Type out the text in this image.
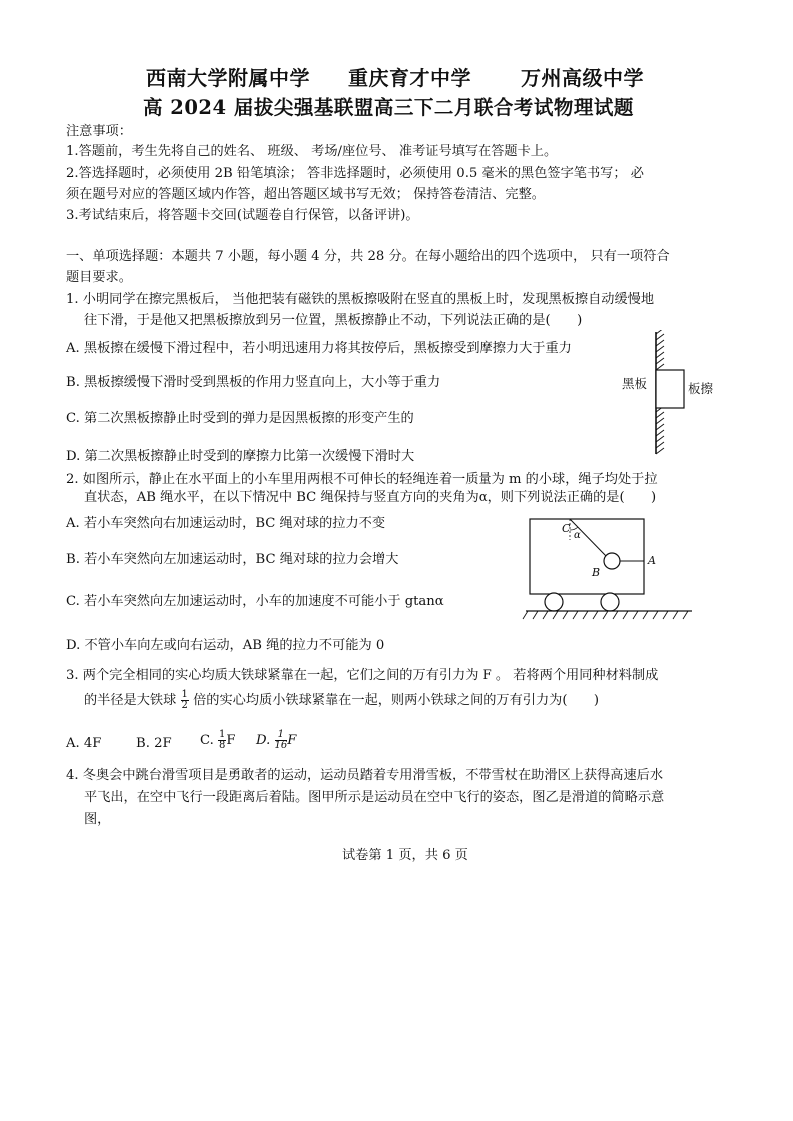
西南大学附属中学 重庆育才中学	万州高级中学
高 2024 届拔尖强基联盟高三下二月联合考试物理试题
注意事项：
1.答题前，考生先将自己的姓名、 班级、 考场/座位号、 准考证号填写在答题卡上。
2.答选择题时，必须使用 2B 铅笔填涂； 答非选择题时，必须使用 0.5 毫米的黑色签字笔书写； 必
须在题号对应的答题区域内作答，超出答题区域书写无效； 保持答卷清洁、完整。
3.考试结束后，将答题卡交回(试题卷自行保管，以备评讲)。
一、单项选择题：本题共 7 小题，每小题 4 分，共 28 分。在每小题给出的四个选项中， 只有一项符合
题目要求。
1. 小明同学在擦完黑板后， 当他把装有磁铁的黑板擦吸附在竖直的黑板上时，发现黑板擦自动缓慢地
往下滑，于是他又把黑板擦放到另一位置，黑板擦静止不动，下列说法正确的是(　　)
A. 黑板擦在缓慢下滑过程中，若小明迅速用力将其按停后，黑板擦受到摩擦力大于重力
B. 黑板擦缓慢下滑时受到黑板的作用力竖直向上，大小等于重力
C. 第二次黑板擦静止时受到的弹力是因黑板擦的形变产生的
D. 第二次黑板擦静止时受到的摩擦力比第一次缓慢下滑时大
黑板	板擦
2. 如图所示，静止在水平面上的小车里用两根不可伸长的轻绳连着一质量为 m 的小球，绳子均处于拉
直状态，AB 绳水平，在以下情况中 BC 绳保持与竖直方向的夹角为α，则下列说法正确的是(　　)
A. 若小车突然向右加速运动时，BC 绳对球的拉力不变
B. 若小车突然向左加速运动时，BC 绳对球的拉力会增大
C. 若小车突然向左加速运动时，小车的加速度不可能小于 gtanα
D. 不管小车向左或向右运动，AB 绳的拉力不可能为 0
C
α
B
A
3. 两个完全相同的实心均质大铁球紧靠在一起，它们之间的万有引力为 F 。 若将两个用同种材料制成
的半径是大铁球 $\frac{1}{2}$ 倍的实心均质小铁球紧靠在一起，则两小铁球之间的万有引力为(　　)
A. 4F	B. 2F C. $\frac{1}{8}$ F D. $\frac{1}{16}$ F
4. 冬奥会中跳台滑雪项目是勇敢者的运动，运动员踏着专用滑雪板，不带雪杖在助滑区上获得高速后水
平飞出，在空中飞行一段距离后着陆。图甲所示是运动员在空中飞行的姿态，图乙是滑道的简略示意
图，
试卷第 1 页，共 6 页
